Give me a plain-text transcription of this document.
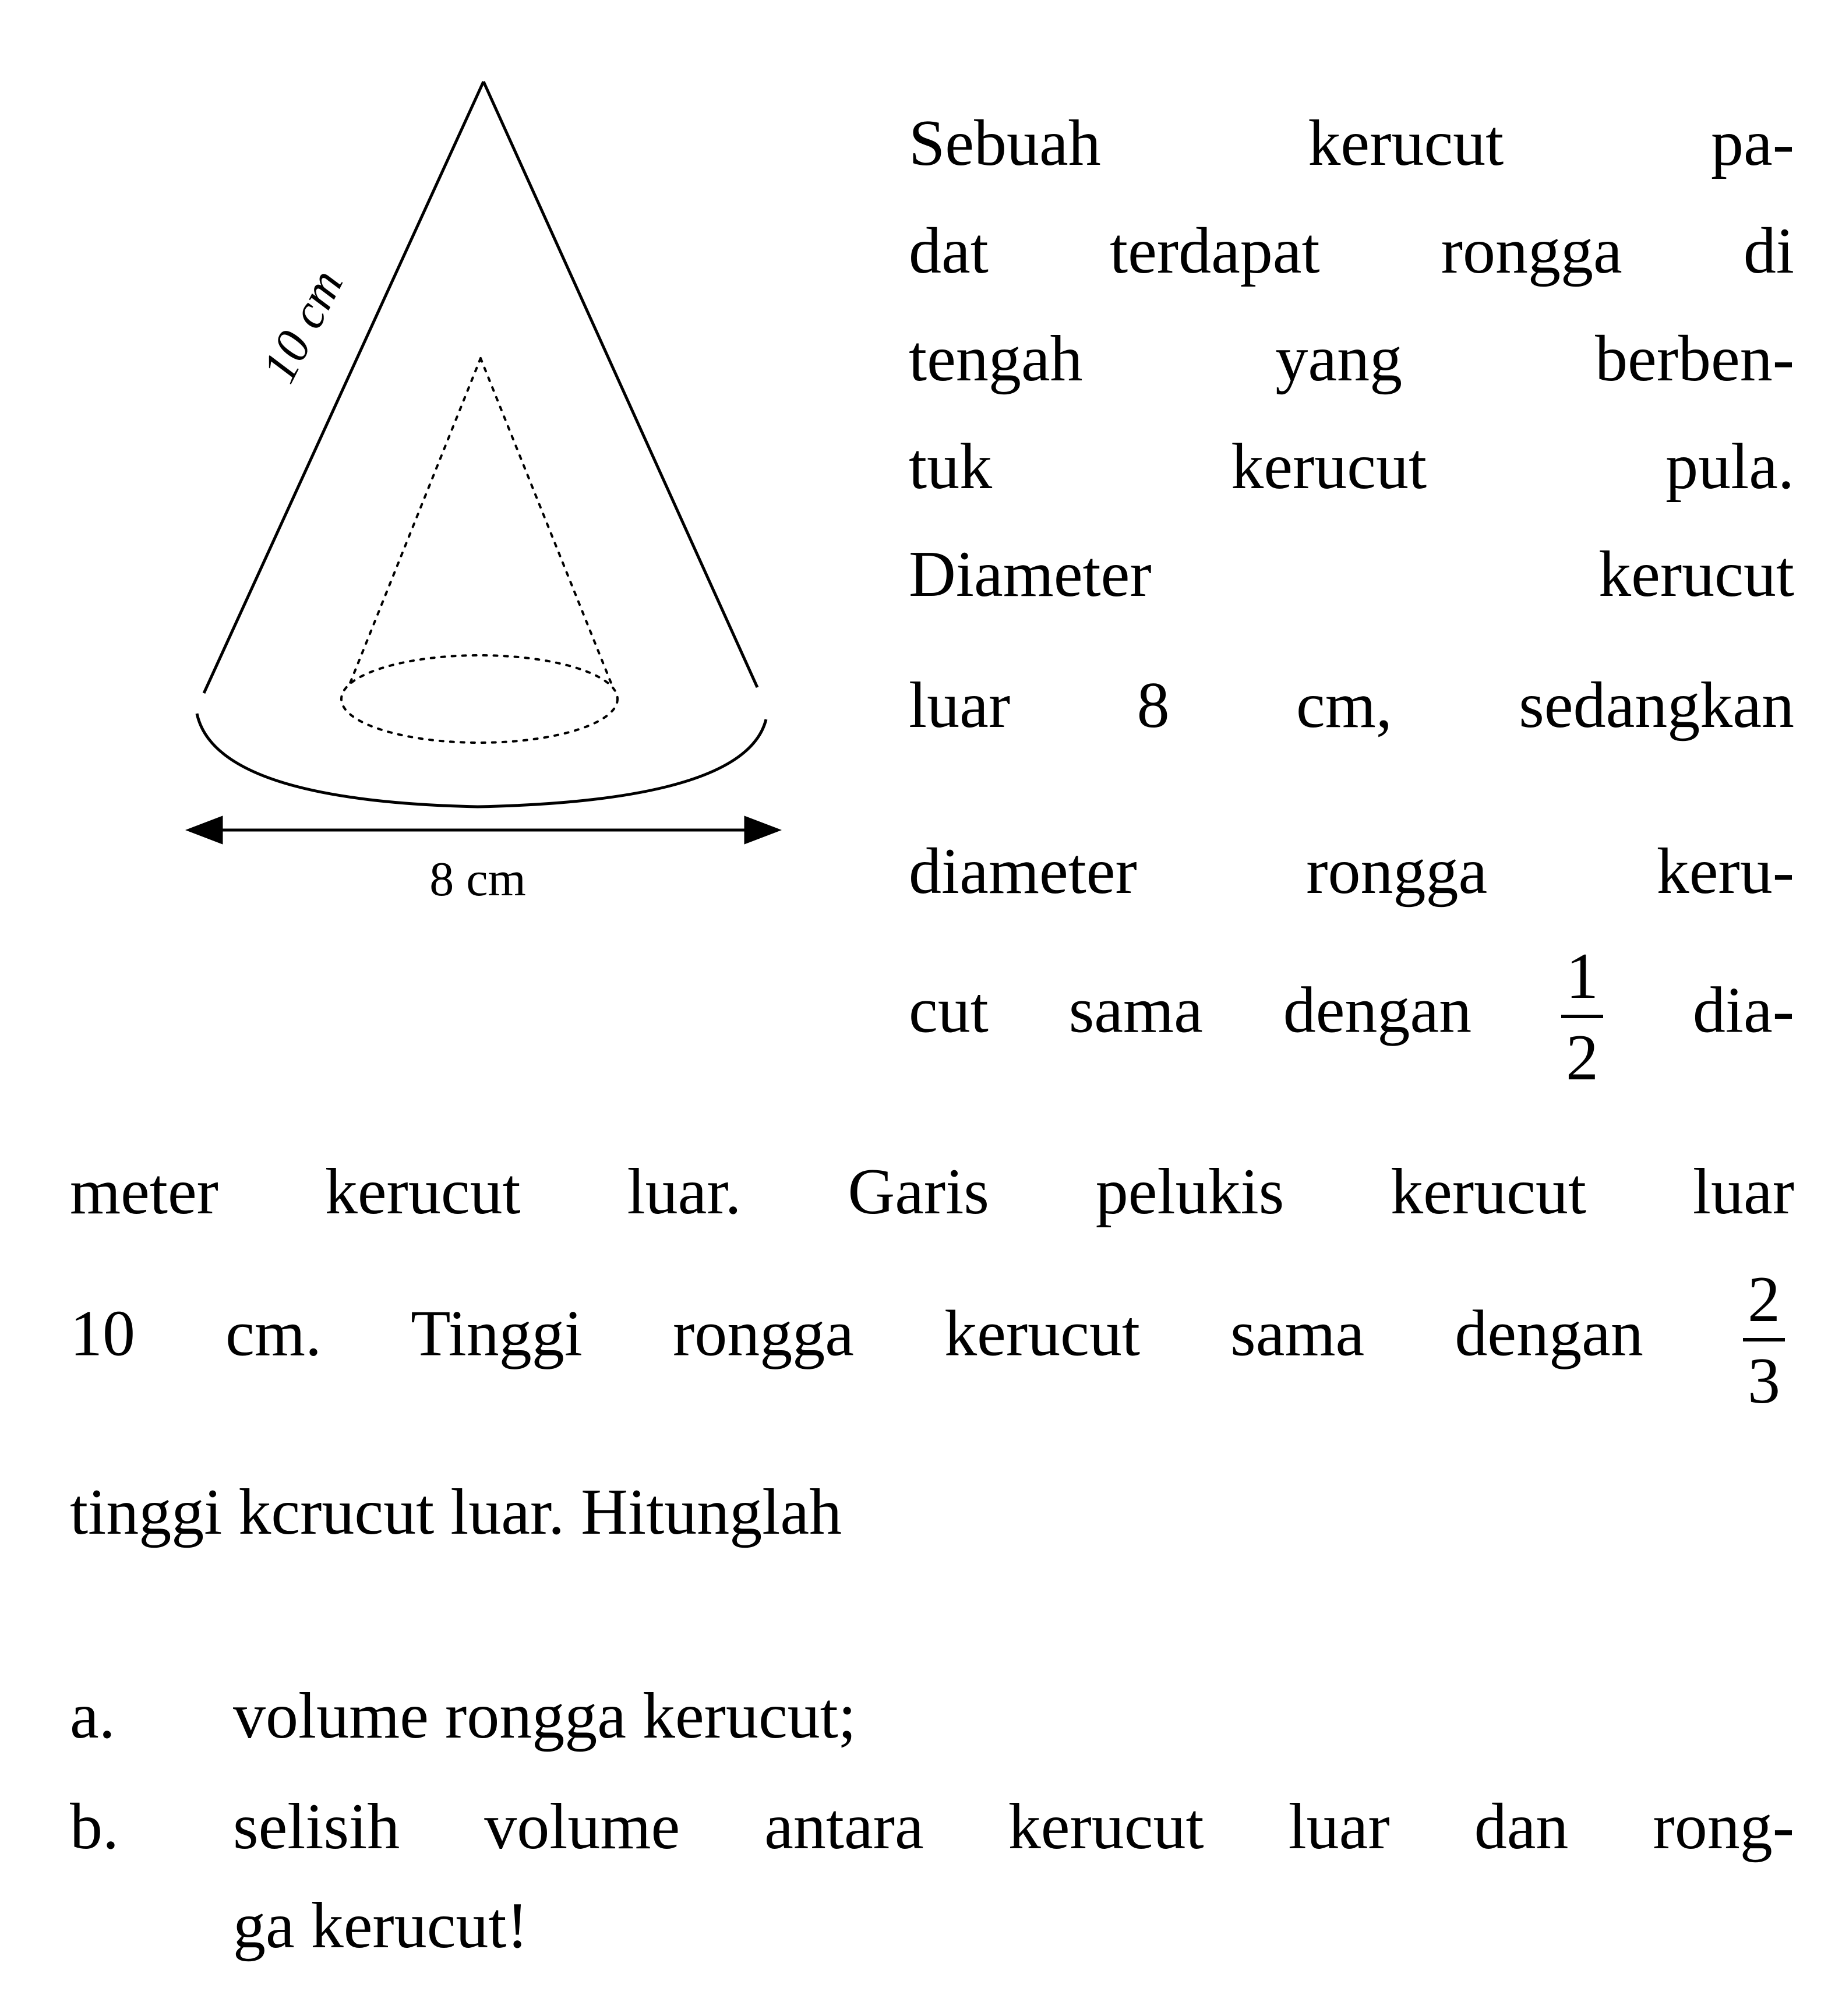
10 cm
8 cm
Sebuah kerucut pa-
dat terdapat rongga di
tengah yang berben-
tuk kerucut pula.
Diameter kerucut
luar 8 cm, sedangkan
diameter rongga keru-
cut sama dengan $\frac{1}{2} dia-$
meter kerucut luar. Garis pelukis kerucut luar
10 cm. Tinggi rongga kerucut sama dengan $\frac{2}{3}$
tinggi kcrucut luar. Hitunglah
a. volume rongga kerucut;
b. selisih volume antara kerucut luar dan rong-
ga kerucut!
